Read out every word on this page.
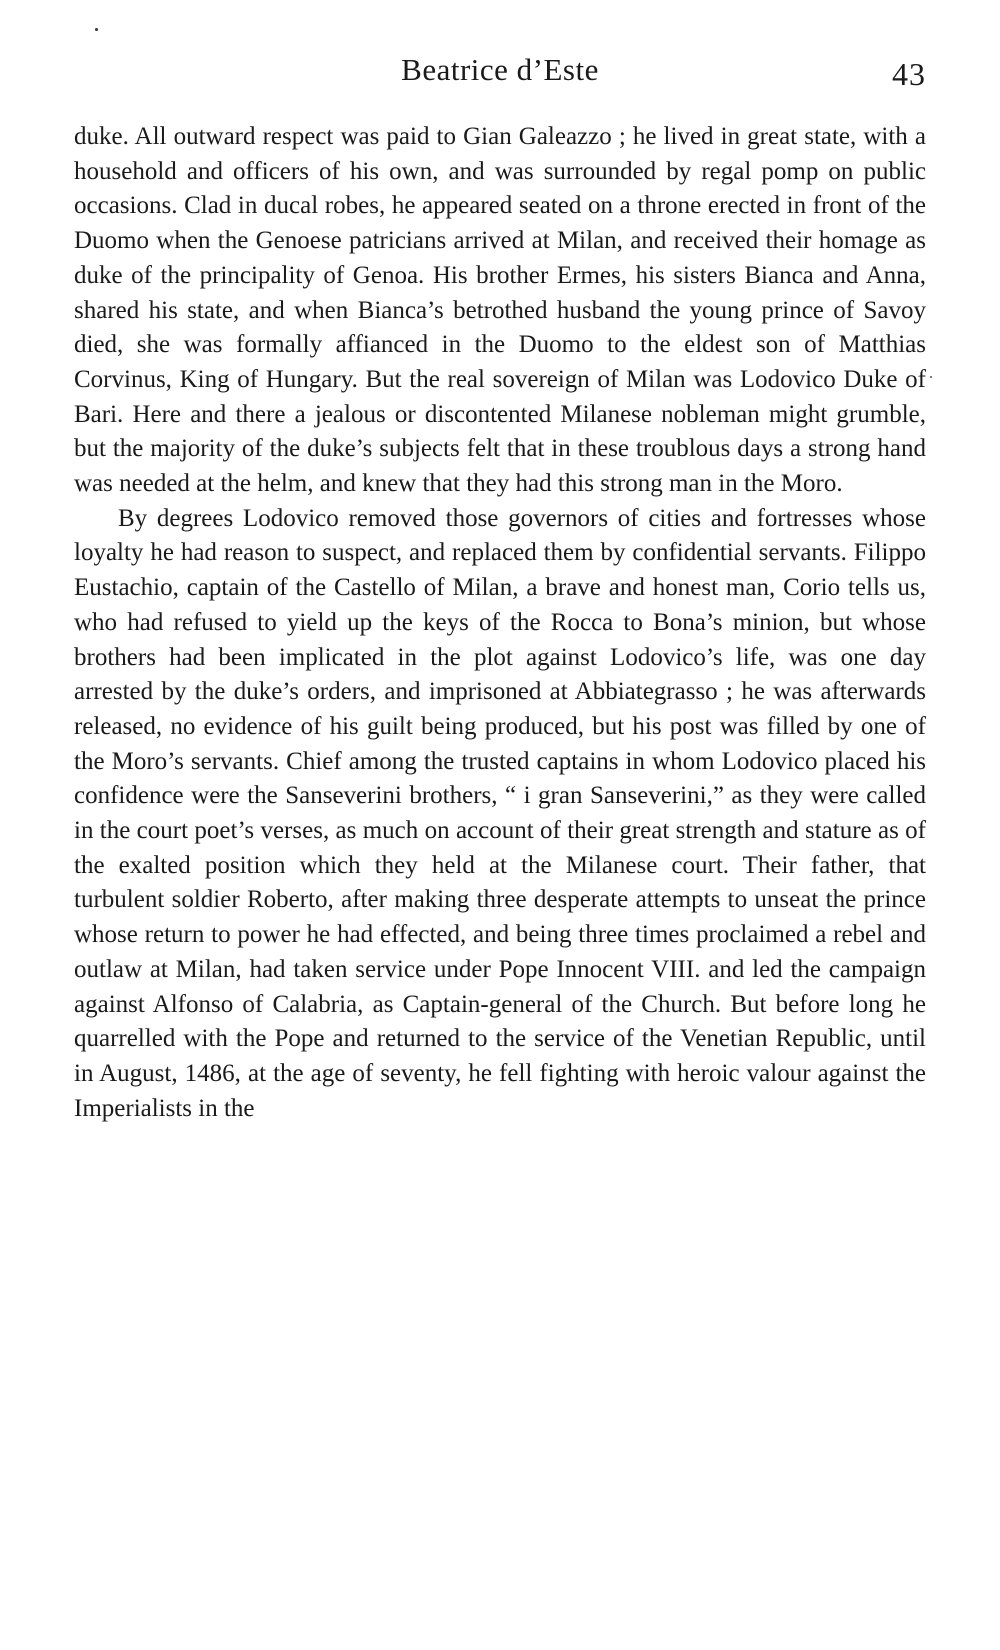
Beatrice d’Este	43

duke. All outward respect was paid to Gian Galeazzo ; he lived in great state, with a household and officers of his own, and was surrounded by regal pomp on public occasions. Clad in ducal robes, he appeared seated on a throne erected in front of the Duomo when the Genoese patricians arrived at Milan, and received their homage as duke of the principality of Genoa. His brother Ermes, his sisters Bianca and Anna, shared his state, and when Bianca’s betrothed husband the young prince of Savoy died, she was formally affianced in the Duomo to the eldest son of Matthias Corvinus, King of Hungary. But the real sovereign of Milan was Lodovico Duke of Bari. Here and there a jealous or discontented Milanese nobleman might grumble, but the majority of the duke’s subjects felt that in these troublous days a strong hand was needed at the helm, and knew that they had this strong man in the Moro.

By degrees Lodovico removed those governors of cities and fortresses whose loyalty he had reason to suspect, and replaced them by confidential servants. Filippo Eustachio, captain of the Castello of Milan, a brave and honest man, Corio tells us, who had refused to yield up the keys of the Rocca to Bona’s minion, but whose brothers had been implicated in the plot against Lodovico’s life, was one day arrested by the duke’s orders, and imprisoned at Abbiategrasso ; he was afterwards released, no evidence of his guilt being produced, but his post was filled by one of the Moro’s servants. Chief among the trusted captains in whom Lodovico placed his confidence were the Sanseverini brothers, “ i gran Sanseverini,” as they were called in the court poet’s verses, as much on account of their great strength and stature as of the exalted position which they held at the Milanese court. Their father, that turbulent soldier Roberto, after making three desperate attempts to unseat the prince whose return to power he had effected, and being three times proclaimed a rebel and outlaw at Milan, had taken service under Pope Innocent VIII. and led the campaign against Alfonso of Calabria, as Captain-general of the Church. But before long he quarrelled with the Pope and returned to the service of the Venetian Republic, until in August, 1486, at the age of seventy, he fell fighting with heroic valour against the Imperialists in the
